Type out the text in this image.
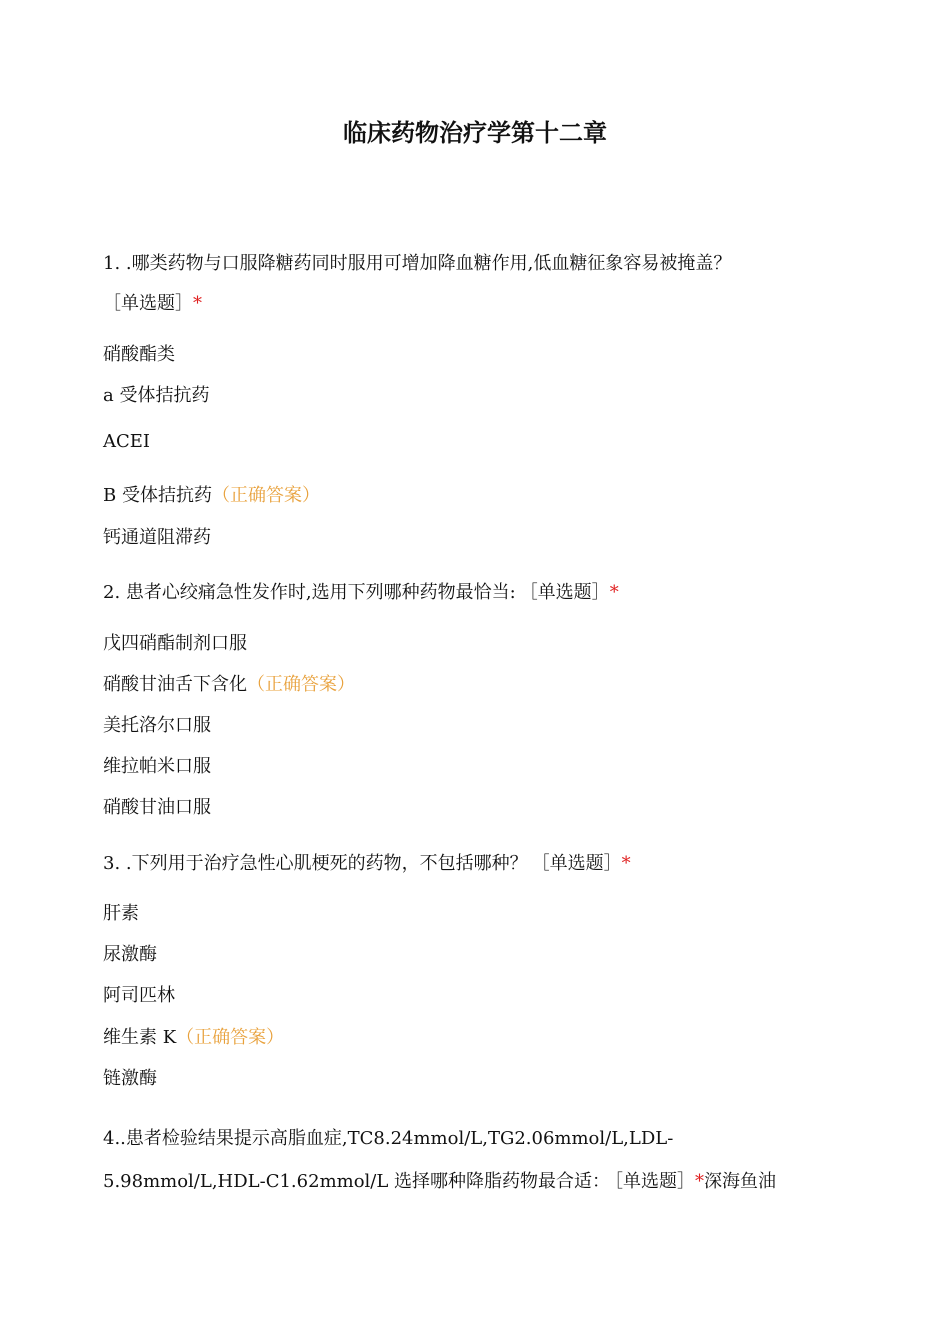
临床药物治疗学第十二章
1. .哪类药物与口服降糖药同时服用可增加降血糖作用,低血糖征象容易被掩盖？
［单选题］*
硝酸酯类
a 受体拮抗药
ACEI
B 受体拮抗药（正确答案）
钙通道阻滞药
2. 患者心绞痛急性发作时,选用下列哪种药物最恰当: ［单选题］*
戊四硝酯制剂口服
硝酸甘油舌下含化（正确答案）
美托洛尔口服
维拉帕米口服
硝酸甘油口服
3. .下列用于治疗急性心肌梗死的药物，不包括哪种？ ［单选题］*
肝素
尿激酶
阿司匹林
维生素 K（正确答案）
链激酶
4..患者检验结果提示高脂血症,TC8.24mmol/L,TG2.06mmol/L,LDL-
5.98mmol/L,HDL-C1.62mmol/L 选择哪种降脂药物最合适： ［单选题］*深海鱼油
